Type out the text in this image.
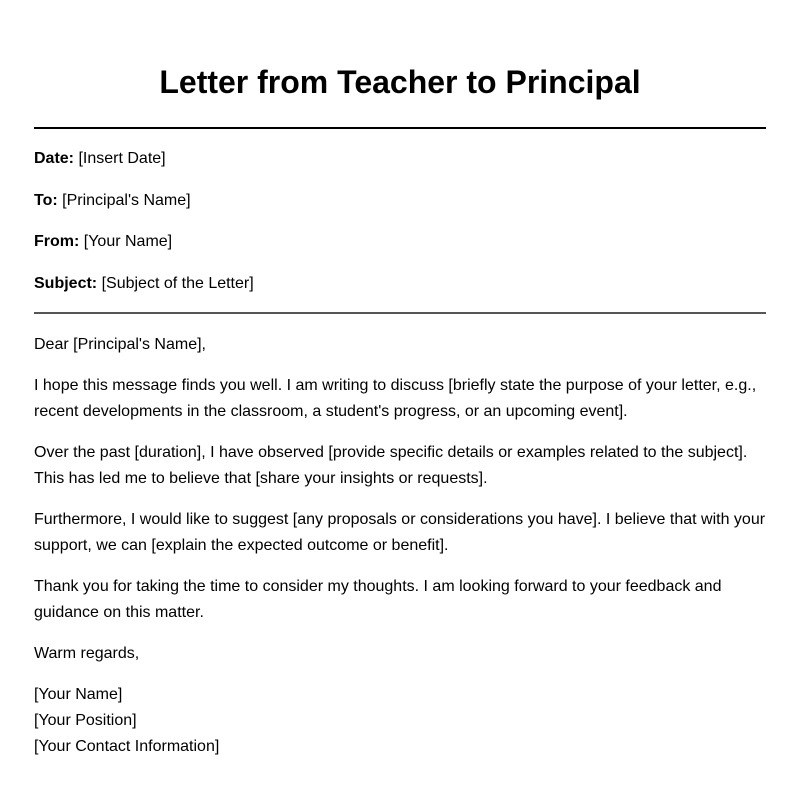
Letter from Teacher to Principal
Date: [Insert Date]
To: [Principal's Name]
From: [Your Name]
Subject: [Subject of the Letter]

Dear [Principal's Name],

I hope this message finds you well. I am writing to discuss [briefly state the purpose of your letter, e.g., recent developments in the classroom, a student's progress, or an upcoming event].

Over the past [duration], I have observed [provide specific details or examples related to the subject]. This has led me to believe that [share your insights or requests].

Furthermore, I would like to suggest [any proposals or considerations you have]. I believe that with your support, we can [explain the expected outcome or benefit].

Thank you for taking the time to consider my thoughts. I am looking forward to your feedback and guidance on this matter.

Warm regards,

[Your Name]
[Your Position]
[Your Contact Information]
